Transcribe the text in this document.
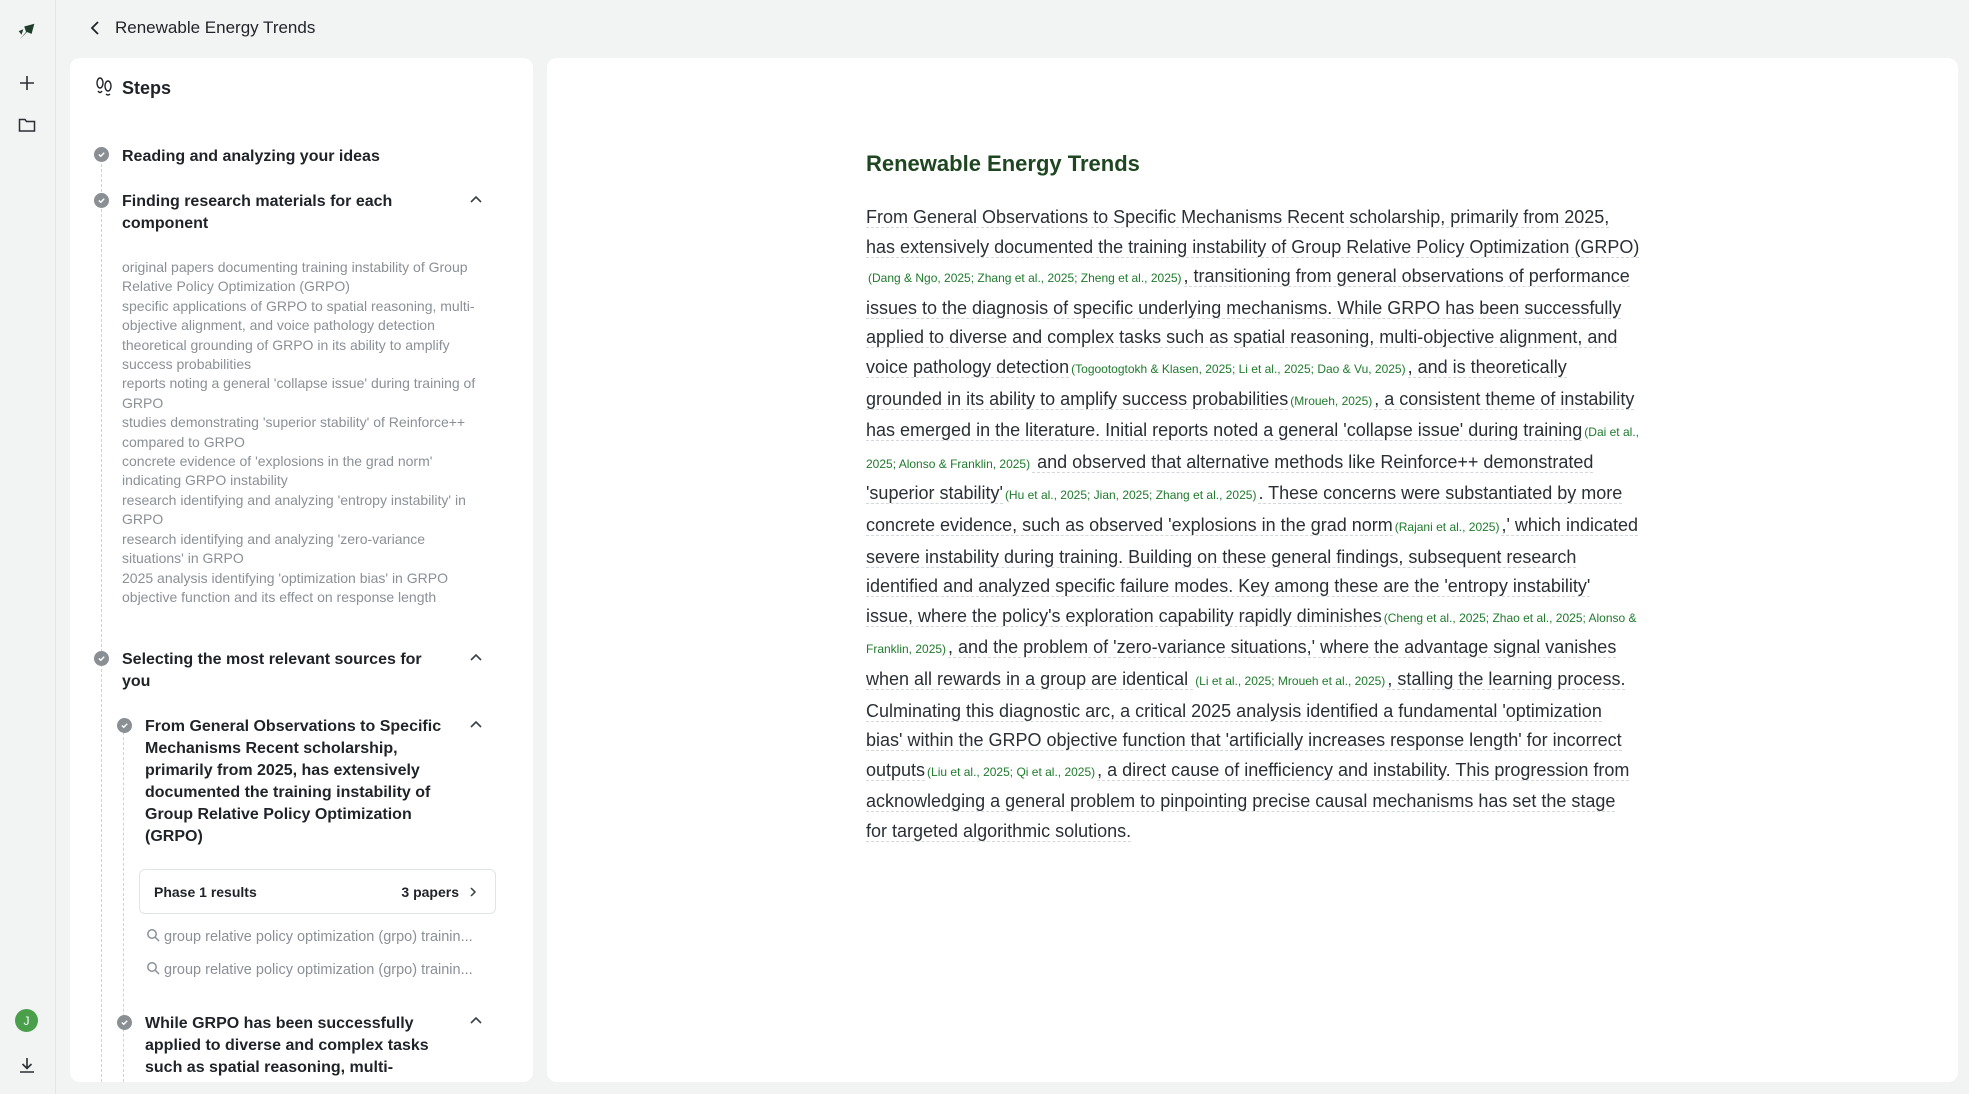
J
Renewable Energy Trends
Steps
Reading and analyzing your ideas
Finding research materials for each component
original papers documenting training instability of Group Relative Policy Optimization (GRPO)
specific applications of GRPO to spatial reasoning, multi-objective alignment, and voice pathology detection
theoretical grounding of GRPO in its ability to amplify success probabilities
reports noting a general 'collapse issue' during training of GRPO
studies demonstrating 'superior stability' of Reinforce++ compared to GRPO
concrete evidence of 'explosions in the grad norm' indicating GRPO instability
research identifying and analyzing 'entropy instability' in GRPO
research identifying and analyzing 'zero-variance situations' in GRPO
2025 analysis identifying 'optimization bias' in GRPO objective function and its effect on response length
Selecting the most relevant sources for you
From General Observations to Specific Mechanisms Recent scholarship, primarily from 2025, has extensively documented the training instability of Group Relative Policy Optimization (GRPO)
Phase 1 results	3 papers
group relative policy optimization (grpo) trainin...
group relative policy optimization (grpo) trainin...
While GRPO has been successfully applied to diverse and complex tasks such as spatial reasoning, multi-
Renewable Energy Trends
From General Observations to Specific Mechanisms Recent scholarship, primarily from 2025, has extensively documented the training instability of Group Relative Policy Optimization (GRPO)(Dang & Ngo, 2025; Zhang et al., 2025; Zheng et al., 2025) , transitioning from general observations of performance issues to the diagnosis of specific underlying mechanisms. While GRPO has been successfully applied to diverse and complex tasks such as spatial reasoning, multi-objective alignment, and voice pathology detection (Togootogtokh & Klasen, 2025; Li et al., 2025; Dao & Vu, 2025) , and is theoretically grounded in its ability to amplify success probabilities (Mroueh, 2025) , a consistent theme of instability has emerged in the literature. Initial reports noted a general 'collapse issue' during training (Dai et al., 2025; Alonso & Franklin, 2025) and observed that alternative methods like Reinforce++ demonstrated 'superior stability' (Hu et al., 2025; Jian, 2025; Zhang et al., 2025) . These concerns were substantiated by more concrete evidence, such as observed 'explosions in the grad norm (Rajani et al., 2025) ,' which indicated severe instability during training. Building on these general findings, subsequent research identified and analyzed specific failure modes. Key among these are the 'entropy instability' issue, where the policy's exploration capability rapidly diminishes (Cheng et al., 2025; Zhao et al., 2025; Alonso & Franklin, 2025) , and the problem of 'zero-variance situations,' where the advantage signal vanishes when all rewards in a group are identical (Li et al., 2025; Mroueh et al., 2025) , stalling the learning process. Culminating this diagnostic arc, a critical 2025 analysis identified a fundamental 'optimization bias' within the GRPO objective function that 'artificially increases response length' for incorrect outputs (Liu et al., 2025; Qi et al., 2025) , a direct cause of inefficiency and instability. This progression from acknowledging a general problem to pinpointing precise causal mechanisms has set the stage for targeted algorithmic solutions.
